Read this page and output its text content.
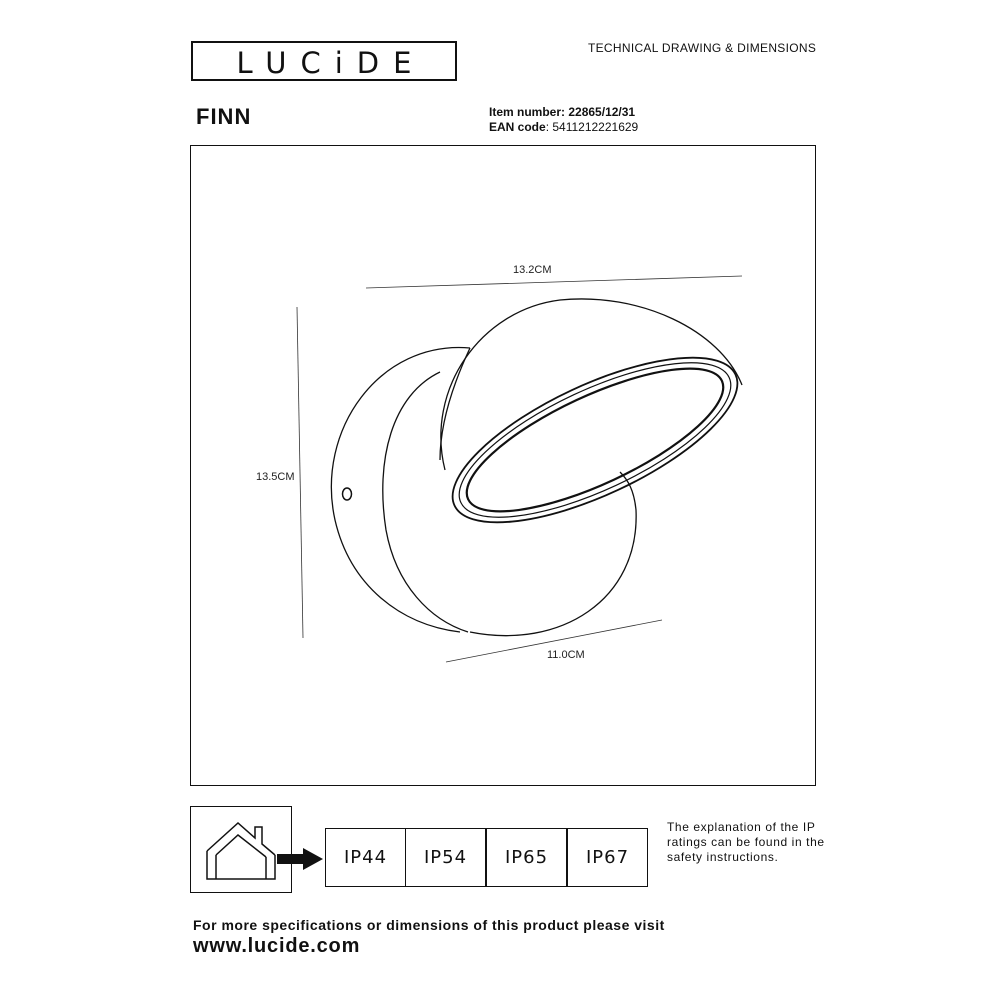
LUCiDE	TECHNICAL DRAWING & DIMENSIONS
FINN	Item number: 22865/12/31
EAN code: 5411212221629
13.2CM
13.5CM
11.0CM
IP44	IP54	IP65	IP67
The explanation of the IP ratings can be found in the safety instructions.
For more specifications or dimensions of this product please visit
www.lucide.com
